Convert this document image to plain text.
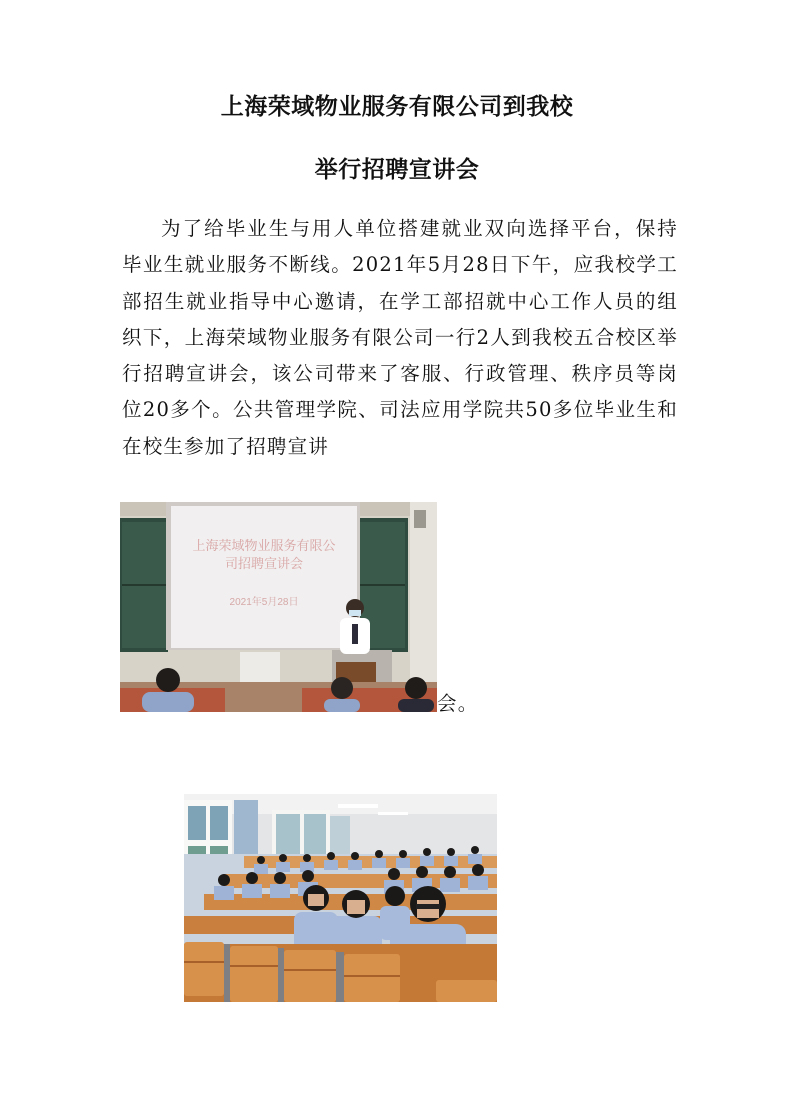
上海荣域物业服务有限公司到我校
举行招聘宣讲会

为了给毕业生与用人单位搭建就业双向选择平台，保持毕业生就业服务不断线。2021年5月28日下午，应我校学工部招生就业指导中心邀请，在学工部招就中心工作人员的组织下，上海荣域物业服务有限公司一行2人到我校五合校区举行招聘宣讲会，该公司带来了客服、行政管理、秩序员等岗位20多个。公共管理学院、司法应用学院共50多位毕业生和在校生参加了招聘宣讲

上海荣域物业服务有限公
司招聘宣讲会
2021年5月28日
会。
